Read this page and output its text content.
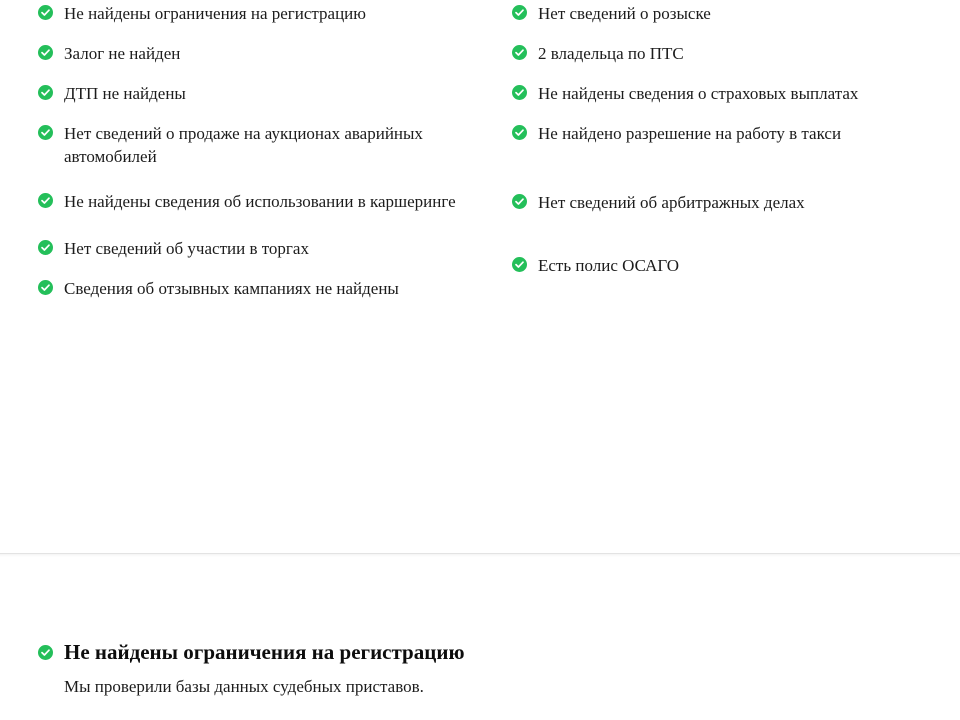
Не найдены ограничения на регистрацию
Залог не найден
ДТП не найдены
Нет сведений о продаже на аукционах аварийных автомобилей
Не найдены сведения об использовании в каршеринге
Нет сведений об участии в торгах
Сведения об отзывных кампаниях не найдены
Нет сведений о розыске
2 владельца по ПТС
Не найдены сведения о страховых выплатах
Не найдено разрешение на работу в такси
Нет сведений об арбитражных делах
Есть полис ОСАГО
Не найдены ограничения на регистрацию
Мы проверили базы данных судебных приставов.
